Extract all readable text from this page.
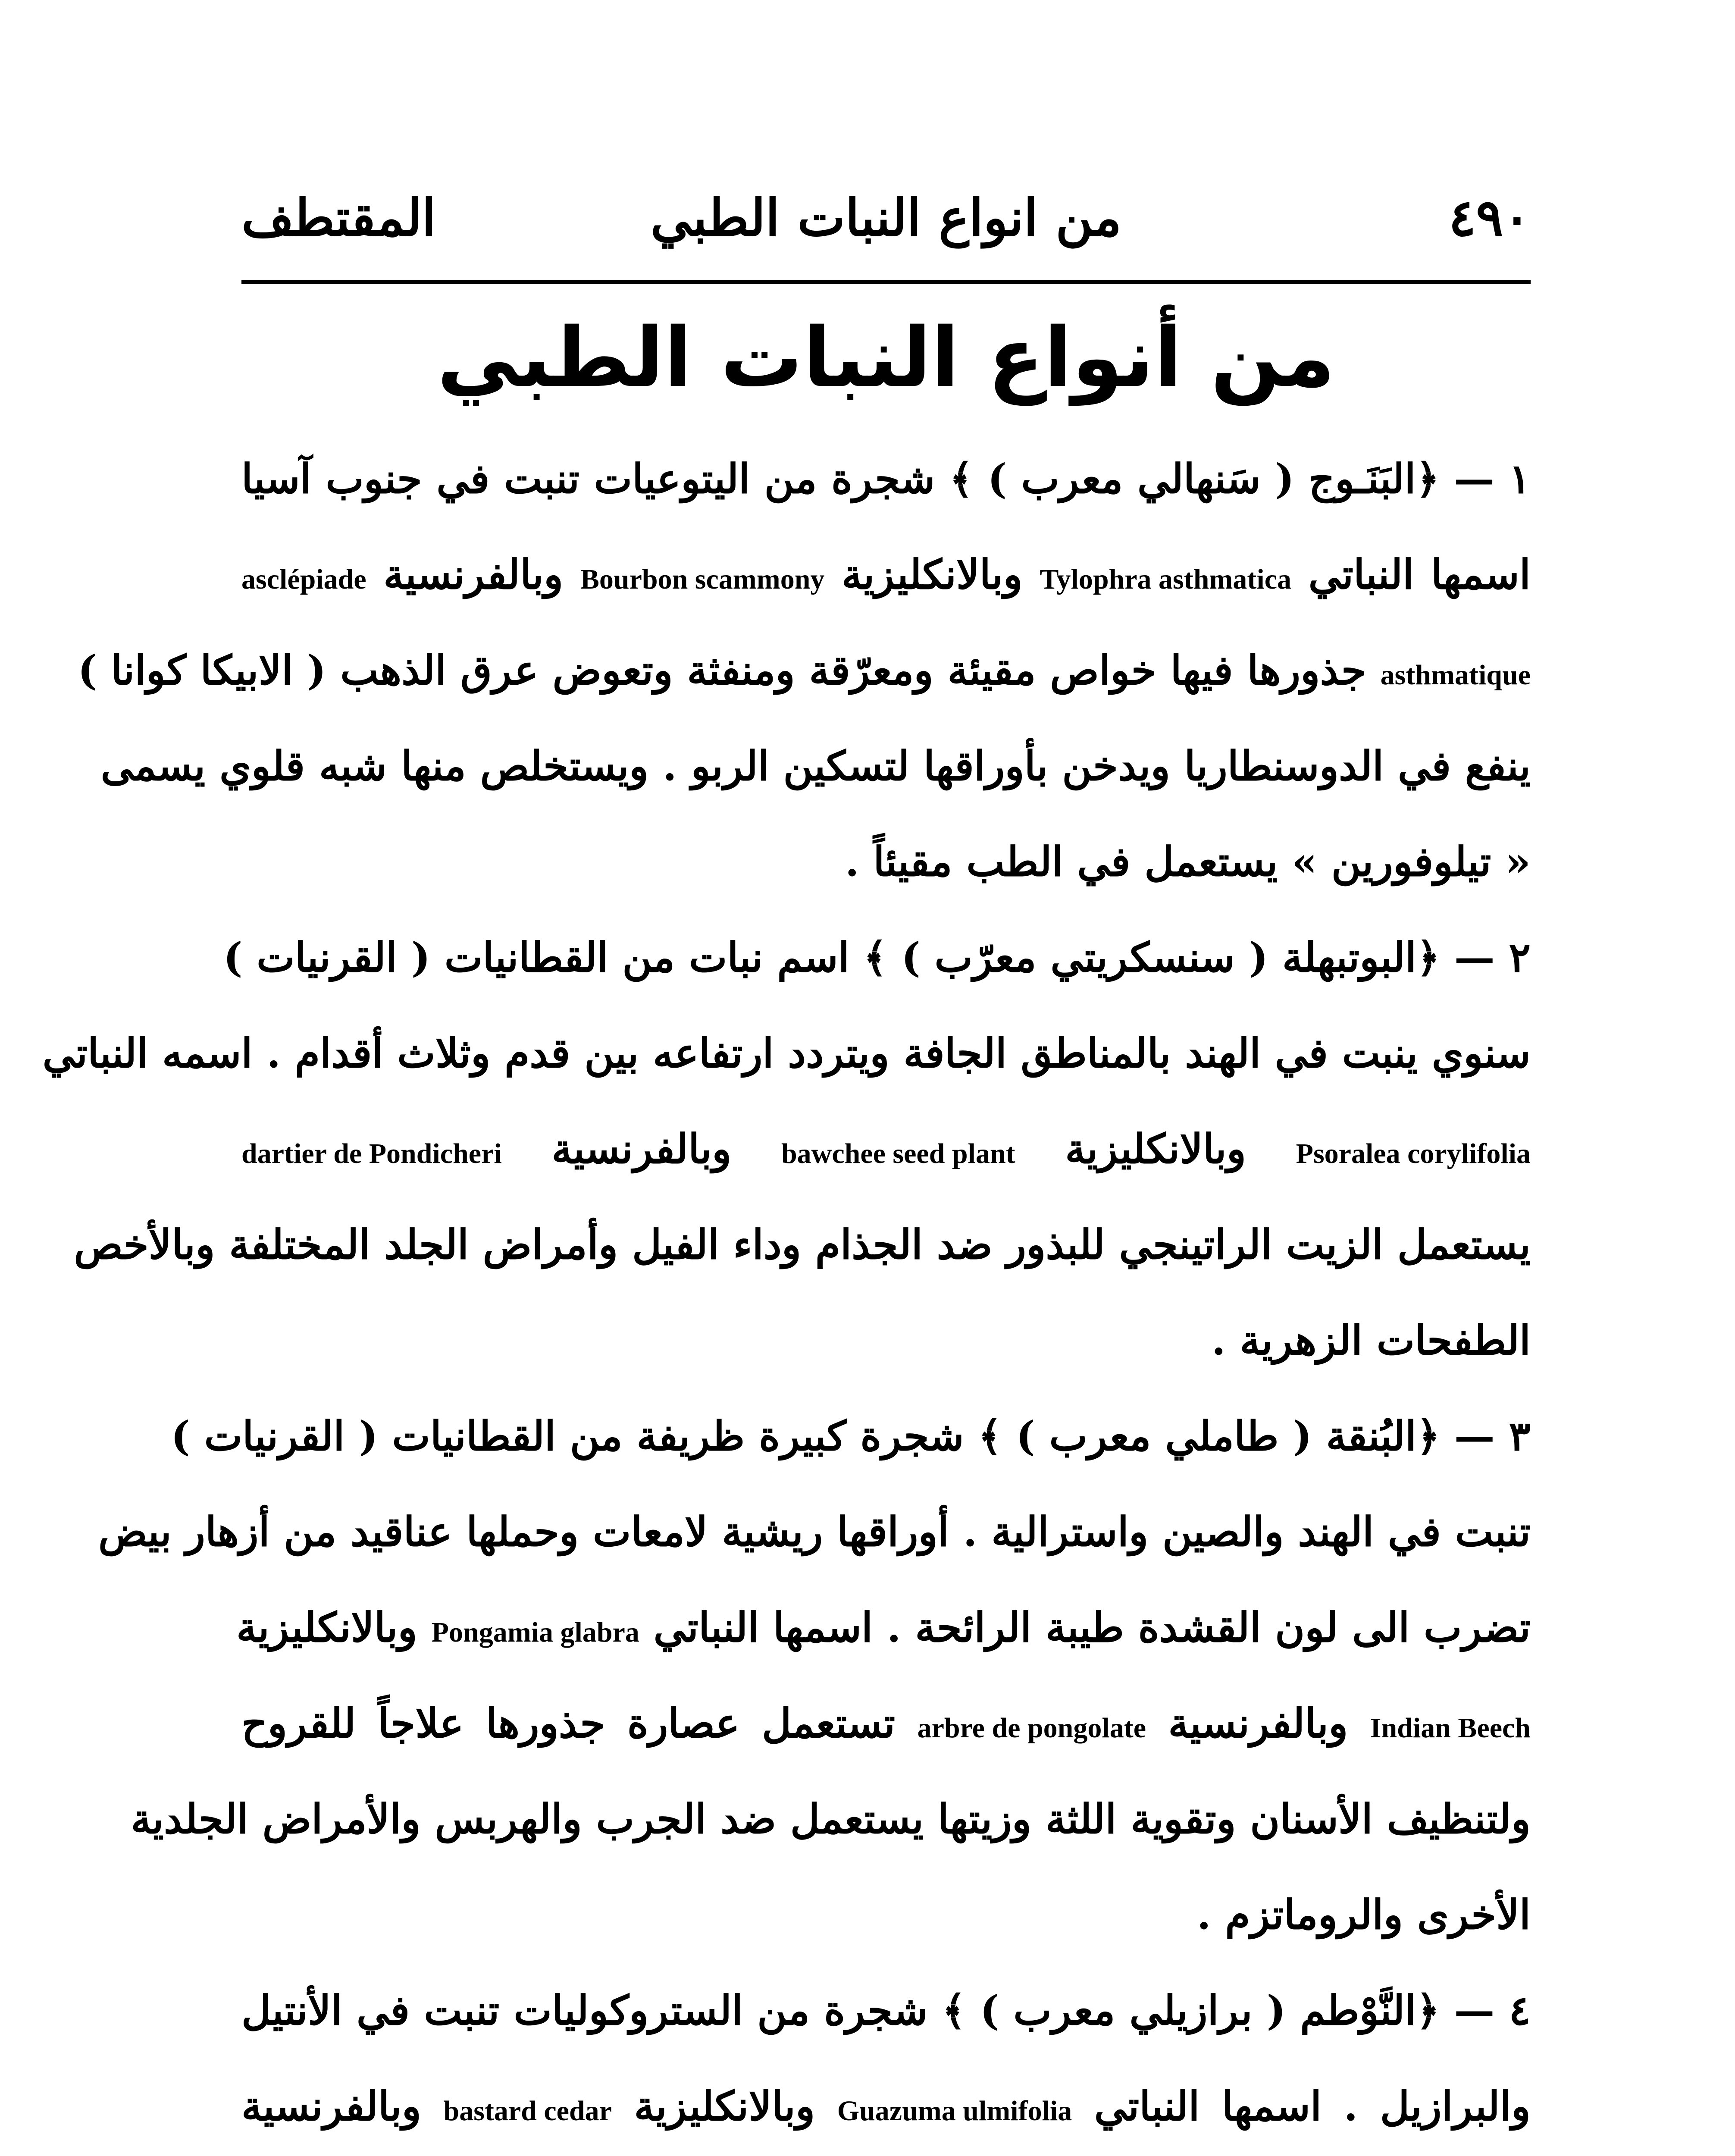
٤٩٠
من انواع النبات الطبي
المقتطف
من أنواع النبات الطبي
١ — ﴿البَنَـوج ( سَنهالي معرب ) ﴾ شجرة من اليتوعيات تنبت في جنوب آسيا
اسمها النباتي Tylophra asthmatica وبالانكليزية Bourbon scammony وبالفرنسية asclépiade
asthmatique جذورها فيها خواص مقيئة ومعرّقة ومنفثة وتعوض عرق الذهب ( الابيكا كوانا )
ينفع في الدوسنطاريا ويدخن بأوراقها لتسكين الربو . ويستخلص منها شبه قلوي يسمى
« تيلوفورين » يستعمل في الطب مقيئاً .
٢ — ﴿البوتبهلة ( سنسكريتي معرّب ) ﴾ اسم نبات من القطانيات ( القرنيات )
سنوي ينبت في الهند بالمناطق الجافة ويتردد ارتفاعه بين قدم وثلاث أقدام . اسمه النباتي
Psoralea corylifolia وبالانكليزية bawchee seed plant وبالفرنسية dartier de Pondicheri
يستعمل الزيت الراتينجي للبذور ضد الجذام وداء الفيل وأمراض الجلد المختلفة وبالأخص
الطفحات الزهرية .
٣ — ﴿البُنقة ( طاملي معرب ) ﴾ شجرة كبيرة ظريفة من القطانيات ( القرنيات )
تنبت في الهند والصين واسترالية . أوراقها ريشية لامعات وحملها عناقيد من أزهار بيض
تضرب الى لون القشدة طيبة الرائحة . اسمها النباتي Pongamia glabra وبالانكليزية
Indian Beech وبالفرنسية arbre de pongolate تستعمل عصارة جذورها علاجاً للقروح
ولتنظيف الأسنان وتقوية اللثة وزيتها يستعمل ضد الجرب والهربس والأمراض الجلدية
الأخرى والروماتزم .
٤ — ﴿النَّوْطم ( برازيلي معرب ) ﴾ شجرة من الستروكوليات تنبت في الأنتيل
والبرازيل . اسمها النباتي Guazuma ulmifolia وبالانكليزية bastard cedar وبالفرنسية
